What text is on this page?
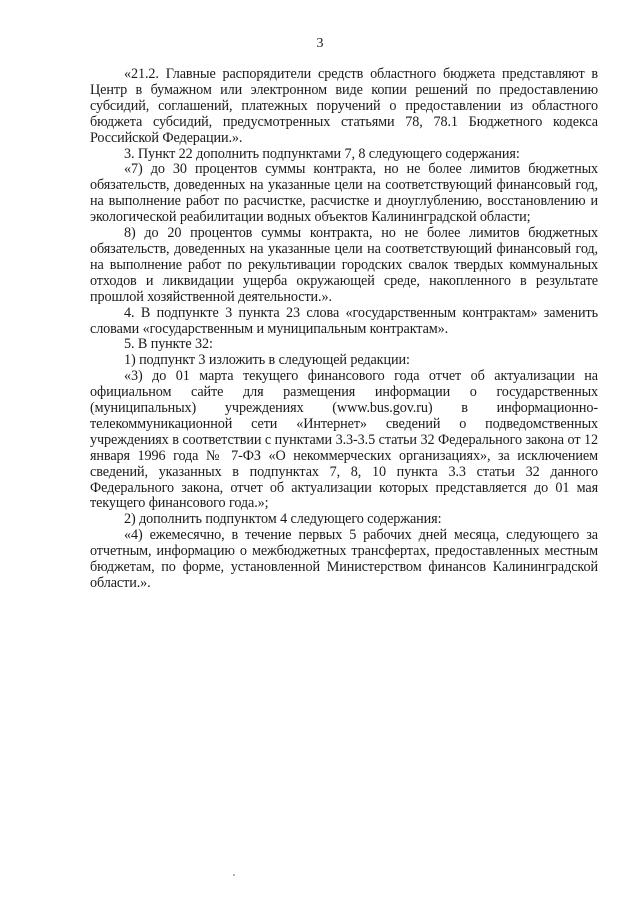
3

«21.2. Главные распорядители средств областного бюджета представляют в Центр в бумажном или электронном виде копии решений по предоставлению субсидий, соглашений, платежных поручений о предоставлении из областного бюджета субсидий, предусмотренных статьями 78, 78.1 Бюджетного кодекса Российской Федерации.».

3. Пункт 22 дополнить подпунктами 7, 8 следующего содержания:

«7) до 30 процентов суммы контракта, но не более лимитов бюджетных обязательств, доведенных на указанные цели на соответствующий финансовый год, на выполнение работ по расчистке, расчистке и дноуглублению, восстановлению и экологической реабилитации водных объектов Калининградской области;

8) до 20 процентов суммы контракта, но не более лимитов бюджетных обязательств, доведенных на указанные цели на соответствующий финансовый год, на выполнение работ по рекультивации городских свалок твердых коммунальных отходов и ликвидации ущерба окружающей среде, накопленного в результате прошлой хозяйственной деятельности.».

4. В подпункте 3 пункта 23 слова «государственным контрактам» заменить словами «государственным и муниципальным контрактам».

5. В пункте 32:

1) подпункт 3 изложить в следующей редакции:

«3) до 01 марта текущего финансового года отчет об актуализации на официальном сайте для размещения информации о государственных (муниципальных) учреждениях (www.bus.gov.ru) в информационно-телекоммуникационной сети «Интернет» сведений о подведомственных учреждениях в соответствии с пунктами 3.3-3.5 статьи 32 Федерального закона от 12 января 1996 года № 7-ФЗ «О некоммерческих организациях», за исключением сведений, указанных в подпунктах 7, 8, 10 пункта 3.3 статьи 32 данного Федерального закона, отчет об актуализации которых представляется до 01 мая текущего финансового года.»;

2) дополнить подпунктом 4 следующего содержания:

«4) ежемесячно, в течение первых 5 рабочих дней месяца, следующего за отчетным, информацию о межбюджетных трансфертах, предоставленных местным бюджетам, по форме, установленной Министерством финансов Калининградской области.».
